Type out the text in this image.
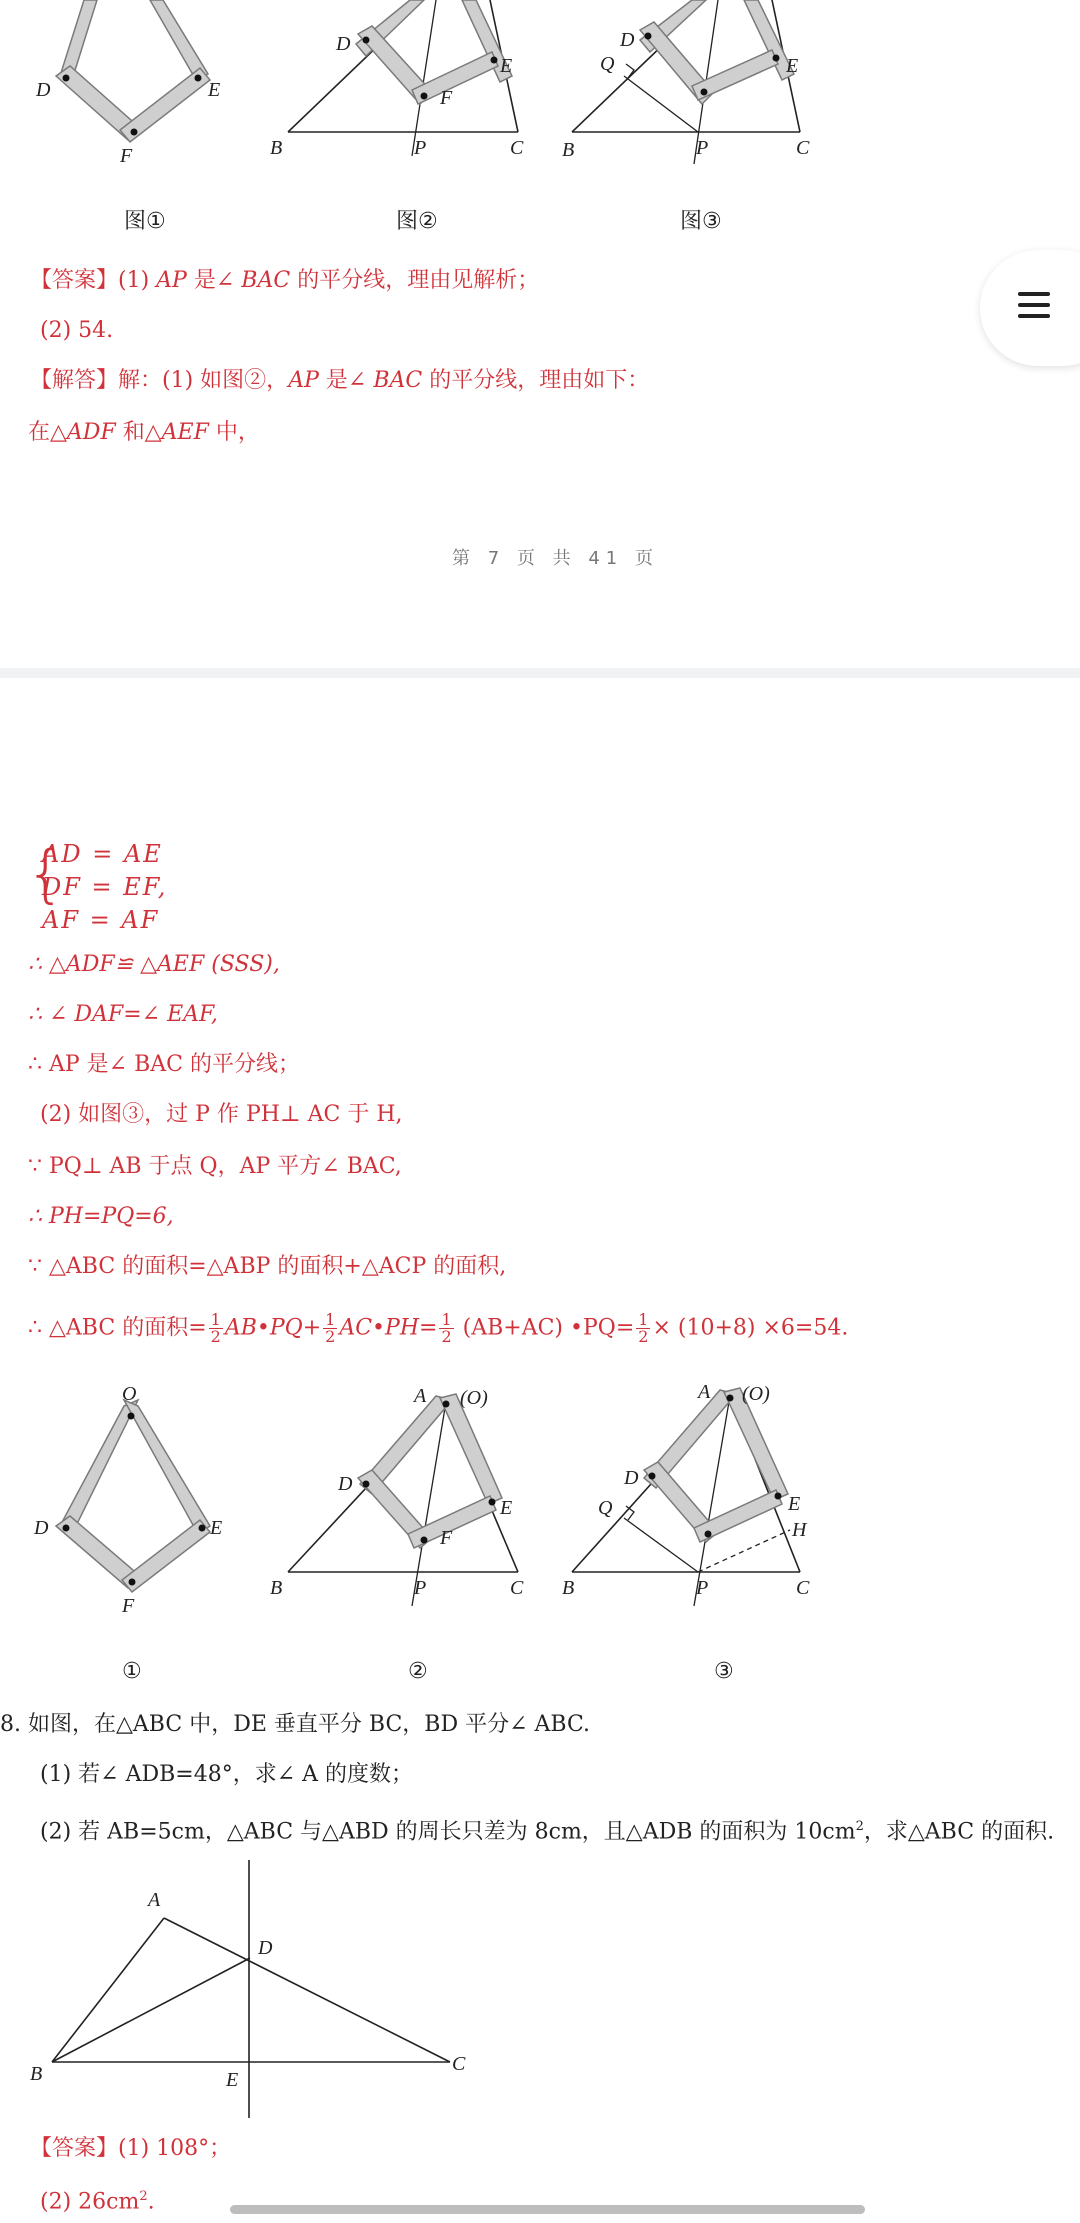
D	E
F
D
E
F
B	P	C
D
E
Q
B	P	C
图①	图②	图③
【答案】(1) AP 是∠ BAC 的平分线，理由见解析；
(2) 54.
【解答】解：(1) 如图②，AP 是∠ BAC 的平分线，理由如下：
在△ADF 和△AEF 中，
第 7 页 共 41 页
{
AD = AE
DF = EF,
AF = AF
∴ △ADF≌ △AEF (SSS),
∴ ∠ DAF=∠ EAF,
∴ AP 是∠ BAC 的平分线；
(2) 如图③，过 P 作 PH⊥ AC 于 H,
∵ PQ⊥ AB 于点 Q，AP 平方∠ BAC,
∴ PH=PQ=6,
∵ △ABC 的面积=△ABP 的面积+△ACP 的面积,
∴ △ABC 的面积= $\frac{1}{2}$ AB•PQ+ $\frac{1}{2}$ AC•PH= $\frac{1}{2} (AB+AC)$ •PQ= $\frac{1}{2} \times (10+8) \times 6=54$.
O
D	E
F
A (O)
D
E
F
B	P	C
A (O)
D
E
Q
H
B	P	C
①	②	③
8. 如图，在△ABC 中，DE 垂直平分 BC，BD 平分∠ ABC.
(1) 若∠ ADB=48°，求∠ A 的度数；
(2) 若 AB=5cm，△ABC 与△ABD 的周长只差为 8cm，且△ADB 的面积为 $10cm^2$，求△ABC 的面积.
A
B	C
D
E
【答案】(1) 108°；
(2) $26cm^2$.
